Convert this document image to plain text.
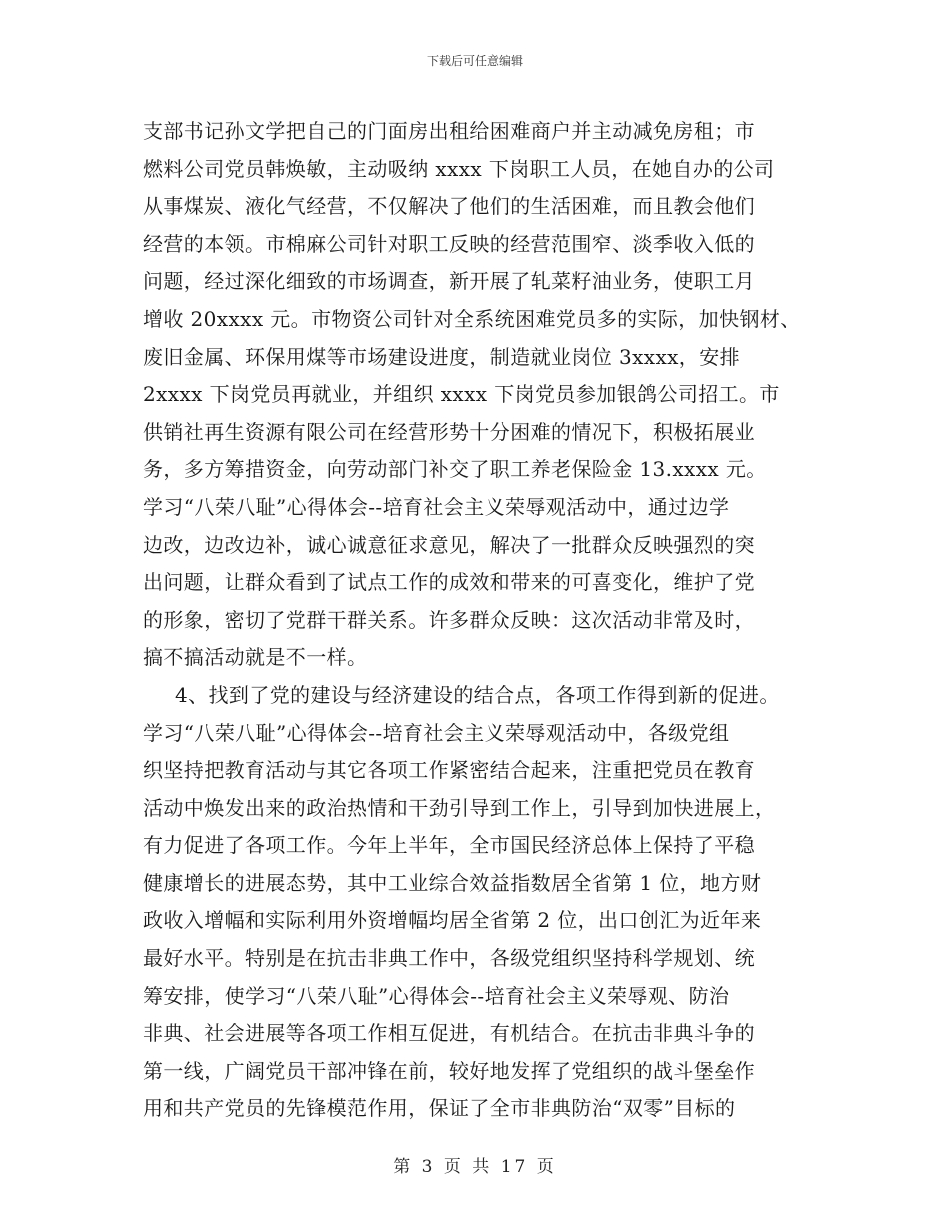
下载后可任意编辑
支部书记孙文学把自己的门面房出租给困难商户并主动减免房租；市
燃料公司党员韩焕敏，主动吸纳 xxxx 下岗职工人员，在她自办的公司
从事煤炭、液化气经营，不仅解决了他们的生活困难，而且教会他们
经营的本领。市棉麻公司针对职工反映的经营范围窄、淡季收入低的
问题，经过深化细致的市场调查，新开展了轧菜籽油业务，使职工月
增收 20xxxx 元。市物资公司针对全系统困难党员多的实际，加快钢材、
废旧金属、环保用煤等市场建设进度，制造就业岗位 3xxxx，安排
2xxxx 下岗党员再就业，并组织 xxxx 下岗党员参加银鸽公司招工。市
供销社再生资源有限公司在经营形势十分困难的情况下，积极拓展业
务，多方筹措资金，向劳动部门补交了职工养老保险金 13.xxxx 元。
学习“八荣八耻”心得体会--培育社会主义荣辱观活动中，通过边学
边改，边改边补，诚心诚意征求意见，解决了一批群众反映强烈的突
出问题，让群众看到了试点工作的成效和带来的可喜变化，维护了党
的形象，密切了党群干群关系。许多群众反映：这次活动非常及时，
搞不搞活动就是不一样。
4、找到了党的建设与经济建设的结合点，各项工作得到新的促进。
学习“八荣八耻”心得体会--培育社会主义荣辱观活动中，各级党组
织坚持把教育活动与其它各项工作紧密结合起来，注重把党员在教育
活动中焕发出来的政治热情和干劲引导到工作上，引导到加快进展上，
有力促进了各项工作。今年上半年，全市国民经济总体上保持了平稳
健康增长的进展态势，其中工业综合效益指数居全省第 1 位，地方财
政收入增幅和实际利用外资增幅均居全省第 2 位，出口创汇为近年来
最好水平。特别是在抗击非典工作中，各级党组织坚持科学规划、统
筹安排，使学习“八荣八耻”心得体会--培育社会主义荣辱观、防治
非典、社会进展等各项工作相互促进，有机结合。在抗击非典斗争的
第一线，广阔党员干部冲锋在前，较好地发挥了党组织的战斗堡垒作
用和共产党员的先锋模范作用，保证了全市非典防治“双零”目标的
第 3 页 共 17 页
